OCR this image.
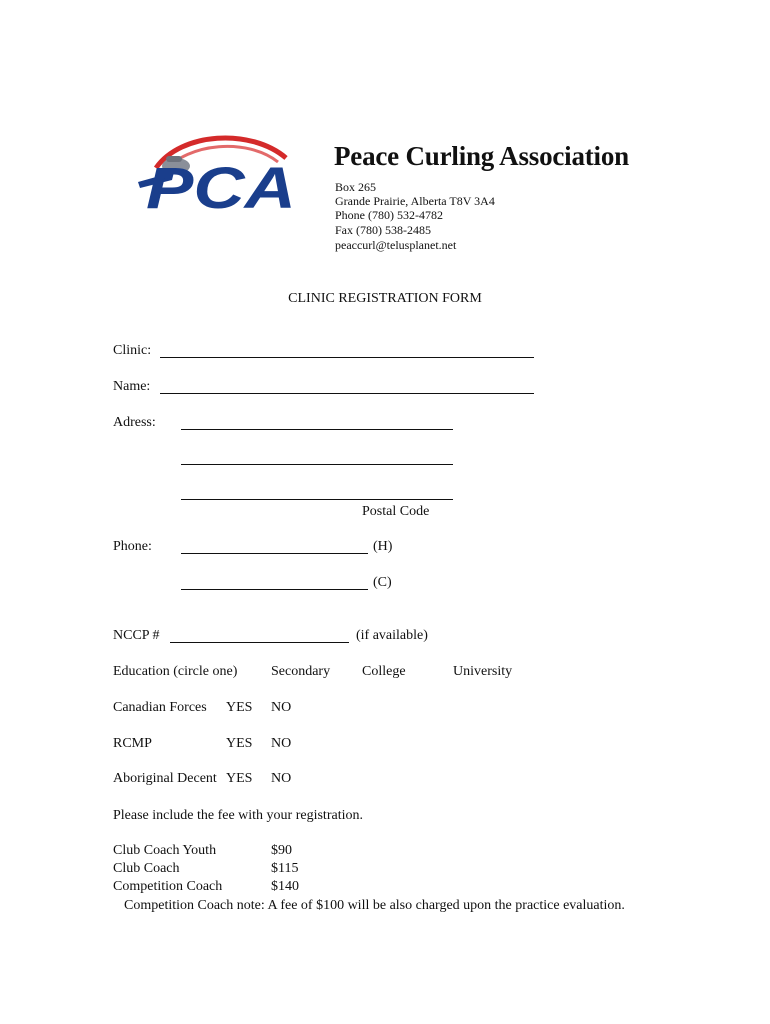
PCA Peace Curling Association
Box 265
Grande Prairie, Alberta T8V 3A4
Phone (780) 532-4782
Fax (780) 538-2485
peaccurl@telusplanet.net
CLINIC REGISTRATION FORM
Clinic:
Name:
Adress:
Postal Code
Phone:	(H)
(C)
NCCP #	(if available)
Education (circle one) Secondary College	University
Canadian Forces YES NO
RCMP	YES NO
Aboriginal Decent YES NO
Please include the fee with your registration.
Club Coach Youth	$90
Club Coach	$115
Competition Coach	$140
Competition Coach note: A fee of $100 will be also charged upon the practice evaluation.
